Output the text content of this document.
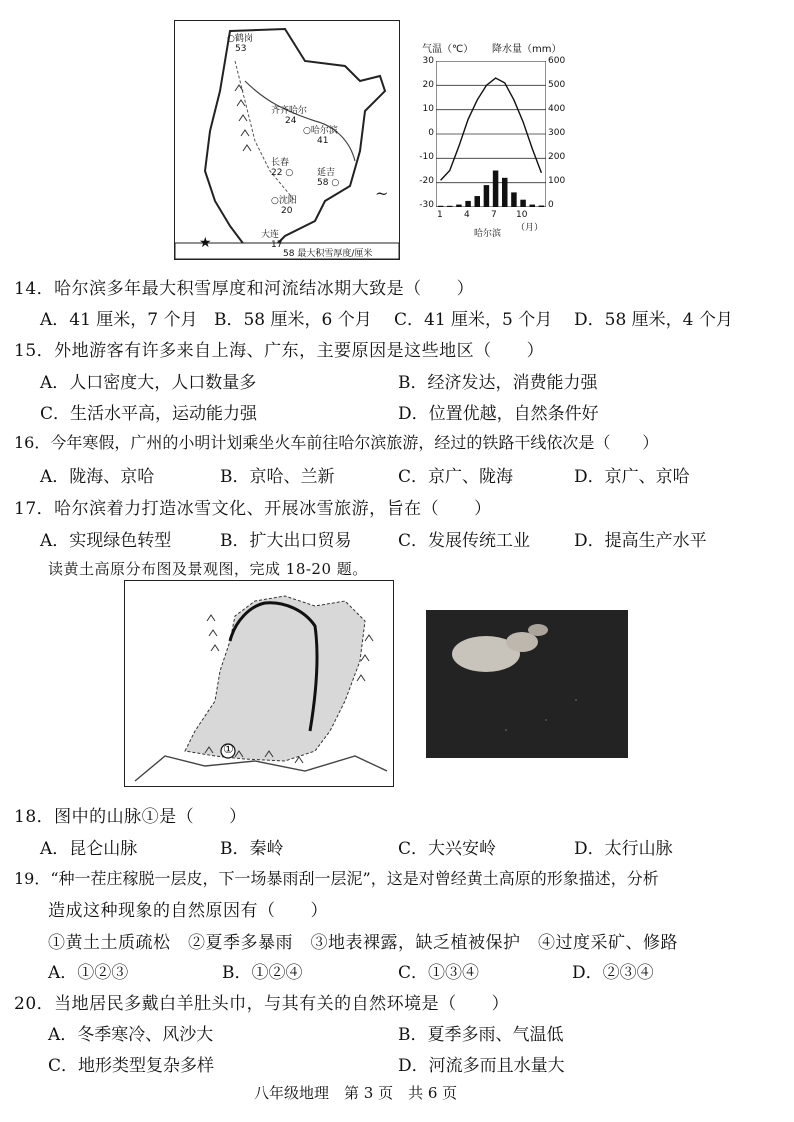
~
○鹤岗
53
齐齐哈尔
24
○哈尔滨
41
长春
22 ○	延吉
58 ○
○沈阳
20
大连
17
★
58 最大积雪厚度/厘米
气温（℃） 降水量（mm）
30
20
10
0
-10
-20
-30
600
500
400
300
200
100
0
1 4 7 10（月）
哈尔滨
14．哈尔滨多年最大积雪厚度和河流结冰期大致是（　　）
A．41 厘米，7 个月 B．58 厘米，6 个月 C．41 厘米，5 个月 D．58 厘米，4 个月
15．外地游客有许多来自上海、广东，主要原因是这些地区（　　）
A．人口密度大，人口数量多	B．经济发达，消费能力强
C．生活水平高，运动能力强	D．位置优越，自然条件好
16．今年寒假，广州的小明计划乘坐火车前往哈尔滨旅游，经过的铁路干线依次是（　　）
A．陇海、京哈	B．京哈、兰新	C．京广、陇海	D．京广、京哈
17．哈尔滨着力打造冰雪文化、开展冰雪旅游，旨在（　　）
A．实现绿色转型	B．扩大出口贸易	C．发展传统工业	D．提高生产水平
读黄土高原分布图及景观图，完成 18-20 题。
①
18．图中的山脉①是（　　）
A．昆仑山脉	B．秦岭	C．大兴安岭	D．太行山脉
19．“种一茬庄稼脱一层皮，下一场暴雨刮一层泥”，这是对曾经黄土高原的形象描述，分析
造成这种现象的自然原因有（　　）
①黄土土质疏松　②夏季多暴雨　③地表裸露，缺乏植被保护　④过度采矿、修路
A．①②③	B．①②④	C．①③④	D．②③④
20．当地居民多戴白羊肚头巾，与其有关的自然环境是（　　）
A．冬季寒冷、风沙大	B．夏季多雨、气温低
C．地形类型复杂多样	D．河流多而且水量大
八年级地理　第 3 页　共 6 页
